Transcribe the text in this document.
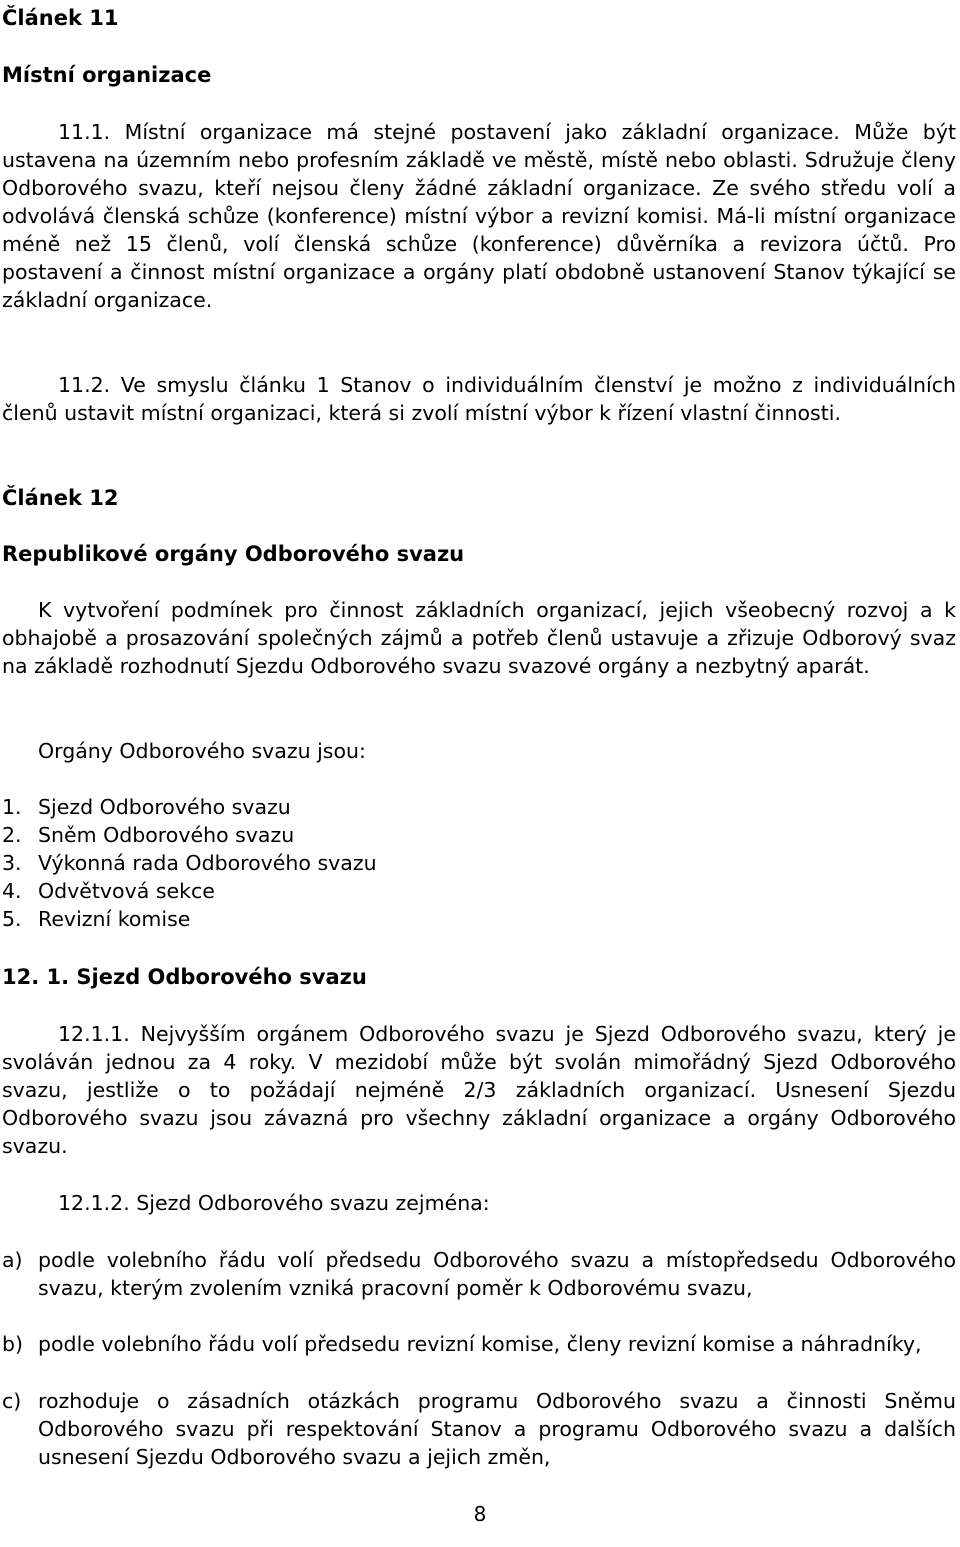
Článek 11
Místní organizace

11.1. Místní organizace má stejné postavení jako základní organizace. Může být ustavena na územním nebo profesním základě ve městě, místě nebo oblasti. Sdružuje členy Odborového svazu, kteří nejsou členy žádné základní organizace. Ze svého středu volí a odvolává členská schůze (konference) místní výbor a revizní komisi. Má-li místní organizace méně než 15 členů, volí členská schůze (konference) důvěrníka a revizora účtů. Pro postavení a činnost místní organizace a orgány platí obdobně ustanovení Stanov týkající se základní organizace.

11.2. Ve smyslu článku 1 Stanov o individuálním členství je možno z individuálních členů ustavit místní organizaci, která si zvolí místní výbor k řízení vlastní činnosti.

Článek 12
Republikové orgány Odborového svazu

K vytvoření podmínek pro činnost základních organizací, jejich všeobecný rozvoj a k obhajobě a prosazování společných zájmů a potřeb členů ustavuje a zřizuje Odborový svaz na základě rozhodnutí Sjezdu Odborového svazu svazové orgány a nezbytný aparát.

Orgány Odborového svazu jsou:

1. Sjezd Odborového svazu
2. Sněm Odborového svazu
3. Výkonná rada Odborového svazu
4. Odvětvová sekce
5. Revizní komise
12. 1. Sjezd Odborového svazu

12.1.1. Nejvyšším orgánem Odborového svazu je Sjezd Odborového svazu, který je svoláván jednou za 4 roky. V mezidobí může být svolán mimořádný Sjezd Odborového svazu, jestliže o to požádají nejméně 2/3 základních organizací. Usnesení Sjezdu Odborového svazu jsou závazná pro všechny základní organizace a orgány Odborového svazu.

12.1.2. Sjezd Odborového svazu zejména:

a) podle volebního řádu volí předsedu Odborového svazu a místopředsedu Odborového svazu, kterým zvolením vzniká pracovní poměr k Odborovému svazu,
b) podle volebního řádu volí předsedu revizní komise, členy revizní komise a náhradníky,
c) rozhoduje o zásadních otázkách programu Odborového svazu a činnosti Sněmu Odborového svazu při respektování Stanov a programu Odborového svazu a dalších usnesení Sjezdu Odborového svazu a jejich změn,
8
